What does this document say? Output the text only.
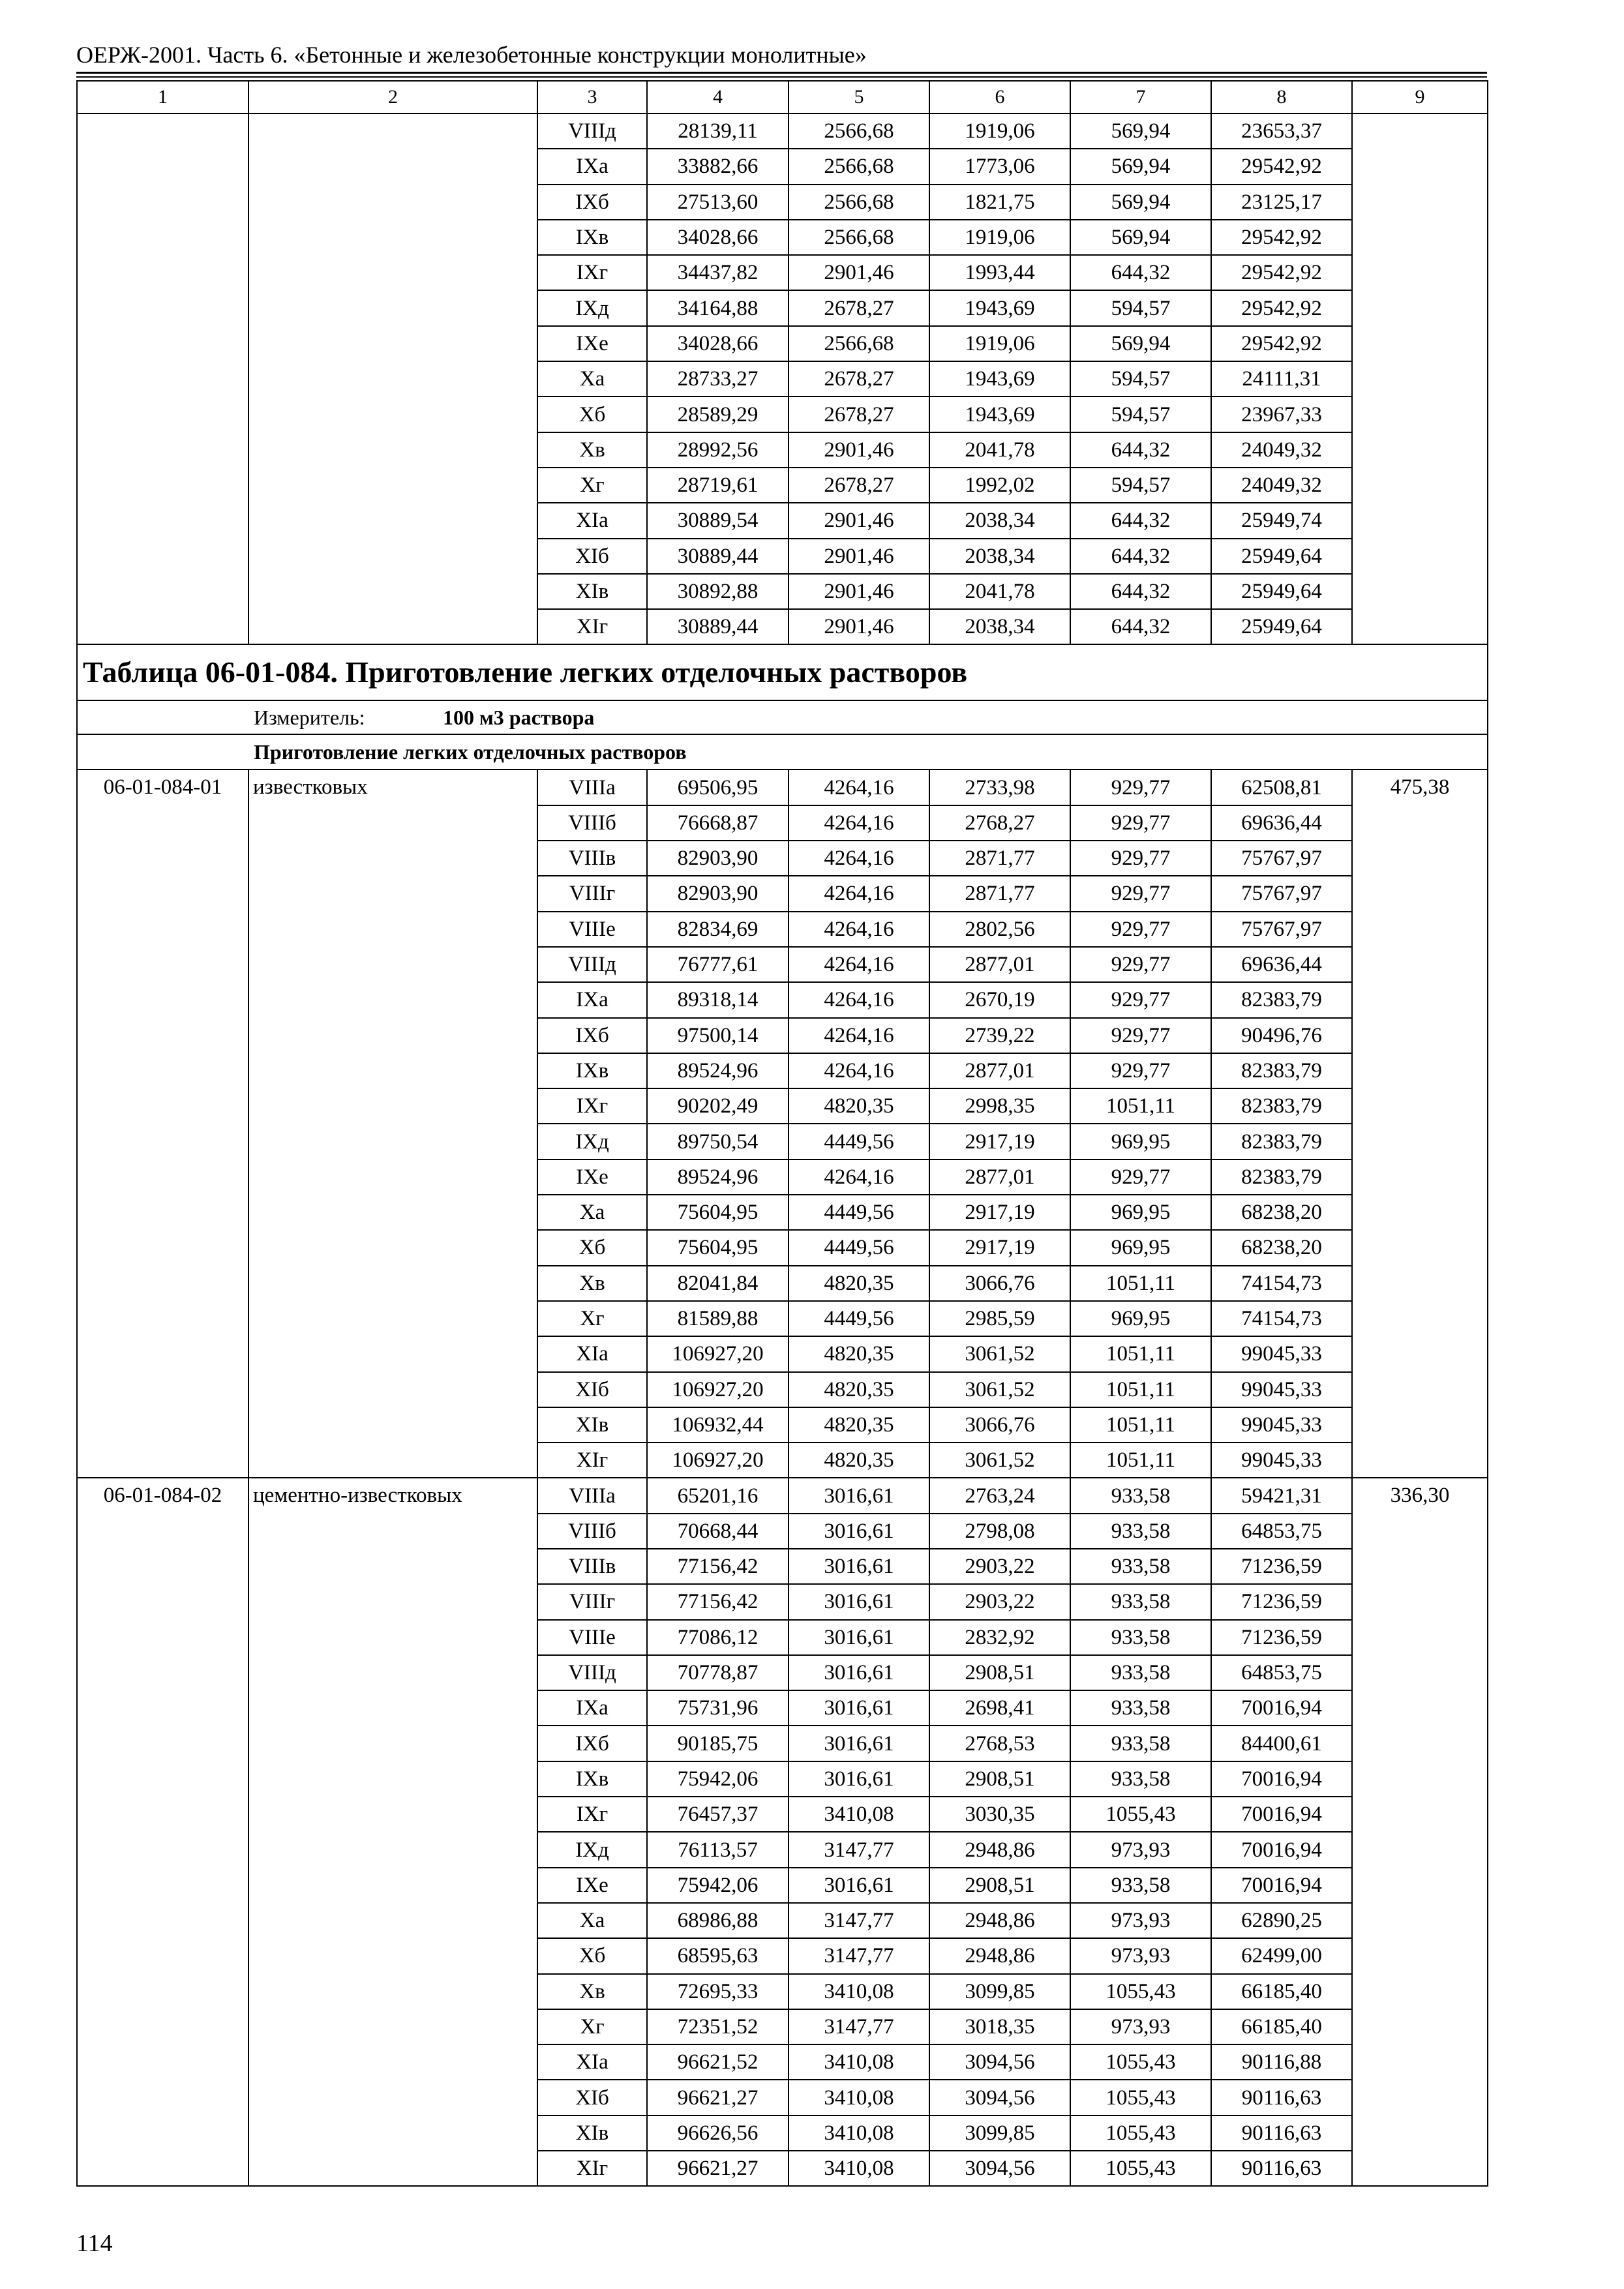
ОЕРЖ-2001. Часть 6. «Бетонные и железобетонные конструкции монолитные»
1	2	3	4	5	6	7	8	9
		VIIIд	28139,11	2566,68	1919,06	569,94	23653,37	
		IXа	33882,66	2566,68	1773,06	569,94	29542,92	
		IXб	27513,60	2566,68	1821,75	569,94	23125,17	
		IXв	34028,66	2566,68	1919,06	569,94	29542,92	
		IXг	34437,82	2901,46	1993,44	644,32	29542,92	
		IXд	34164,88	2678,27	1943,69	594,57	29542,92	
		IXе	34028,66	2566,68	1919,06	569,94	29542,92	
		Xа	28733,27	2678,27	1943,69	594,57	24111,31	
		Xб	28589,29	2678,27	1943,69	594,57	23967,33	
		Xв	28992,56	2901,46	2041,78	644,32	24049,32	
		Xг	28719,61	2678,27	1992,02	594,57	24049,32	
		XIа	30889,54	2901,46	2038,34	644,32	25949,74	
		XIб	30889,44	2901,46	2038,34	644,32	25949,64	
		XIв	30892,88	2901,46	2041,78	644,32	25949,64	
		XIг	30889,44	2901,46	2038,34	644,32	25949,64	
Таблица 06-01-084. Приготовление легких отделочных растворов								
Измеритель: 100 м3 раствора								
Приготовление легких отделочных растворов								
06-01-084-01	известковых	VIIIа	69506,95	4264,16	2733,98	929,77	62508,81	475,38
		VIIIб	76668,87	4264,16	2768,27	929,77	69636,44	
		VIIIв	82903,90	4264,16	2871,77	929,77	75767,97	
		VIIIг	82903,90	4264,16	2871,77	929,77	75767,97	
		VIIIе	82834,69	4264,16	2802,56	929,77	75767,97	
		VIIIд	76777,61	4264,16	2877,01	929,77	69636,44	
		IXа	89318,14	4264,16	2670,19	929,77	82383,79	
		IXб	97500,14	4264,16	2739,22	929,77	90496,76	
		IXв	89524,96	4264,16	2877,01	929,77	82383,79	
		IXг	90202,49	4820,35	2998,35	1051,11	82383,79	
		IXд	89750,54	4449,56	2917,19	969,95	82383,79	
		IXе	89524,96	4264,16	2877,01	929,77	82383,79	
		Xа	75604,95	4449,56	2917,19	969,95	68238,20	
		Xб	75604,95	4449,56	2917,19	969,95	68238,20	
		Xв	82041,84	4820,35	3066,76	1051,11	74154,73	
		Xг	81589,88	4449,56	2985,59	969,95	74154,73	
		XIа	106927,20	4820,35	3061,52	1051,11	99045,33	
		XIб	106927,20	4820,35	3061,52	1051,11	99045,33	
		XIв	106932,44	4820,35	3066,76	1051,11	99045,33	
		XIг	106927,20	4820,35	3061,52	1051,11	99045,33	
06-01-084-02	цементно-известковых	VIIIа	65201,16	3016,61	2763,24	933,58	59421,31	336,30
		VIIIб	70668,44	3016,61	2798,08	933,58	64853,75	
		VIIIв	77156,42	3016,61	2903,22	933,58	71236,59	
		VIIIг	77156,42	3016,61	2903,22	933,58	71236,59	
		VIIIе	77086,12	3016,61	2832,92	933,58	71236,59	
		VIIIд	70778,87	3016,61	2908,51	933,58	64853,75	
		IXа	75731,96	3016,61	2698,41	933,58	70016,94	
		IXб	90185,75	3016,61	2768,53	933,58	84400,61	
		IXв	75942,06	3016,61	2908,51	933,58	70016,94	
		IXг	76457,37	3410,08	3030,35	1055,43	70016,94	
		IXд	76113,57	3147,77	2948,86	973,93	70016,94	
		IXе	75942,06	3016,61	2908,51	933,58	70016,94	
		Xа	68986,88	3147,77	2948,86	973,93	62890,25	
		Xб	68595,63	3147,77	2948,86	973,93	62499,00	
		Xв	72695,33	3410,08	3099,85	1055,43	66185,40	
		Xг	72351,52	3147,77	3018,35	973,93	66185,40	
		XIа	96621,52	3410,08	3094,56	1055,43	90116,88	
		XIб	96621,27	3410,08	3094,56	1055,43	90116,63	
		XIв	96626,56	3410,08	3099,85	1055,43	90116,63	
		XIг	96621,27	3410,08	3094,56	1055,43	90116,63	
114
